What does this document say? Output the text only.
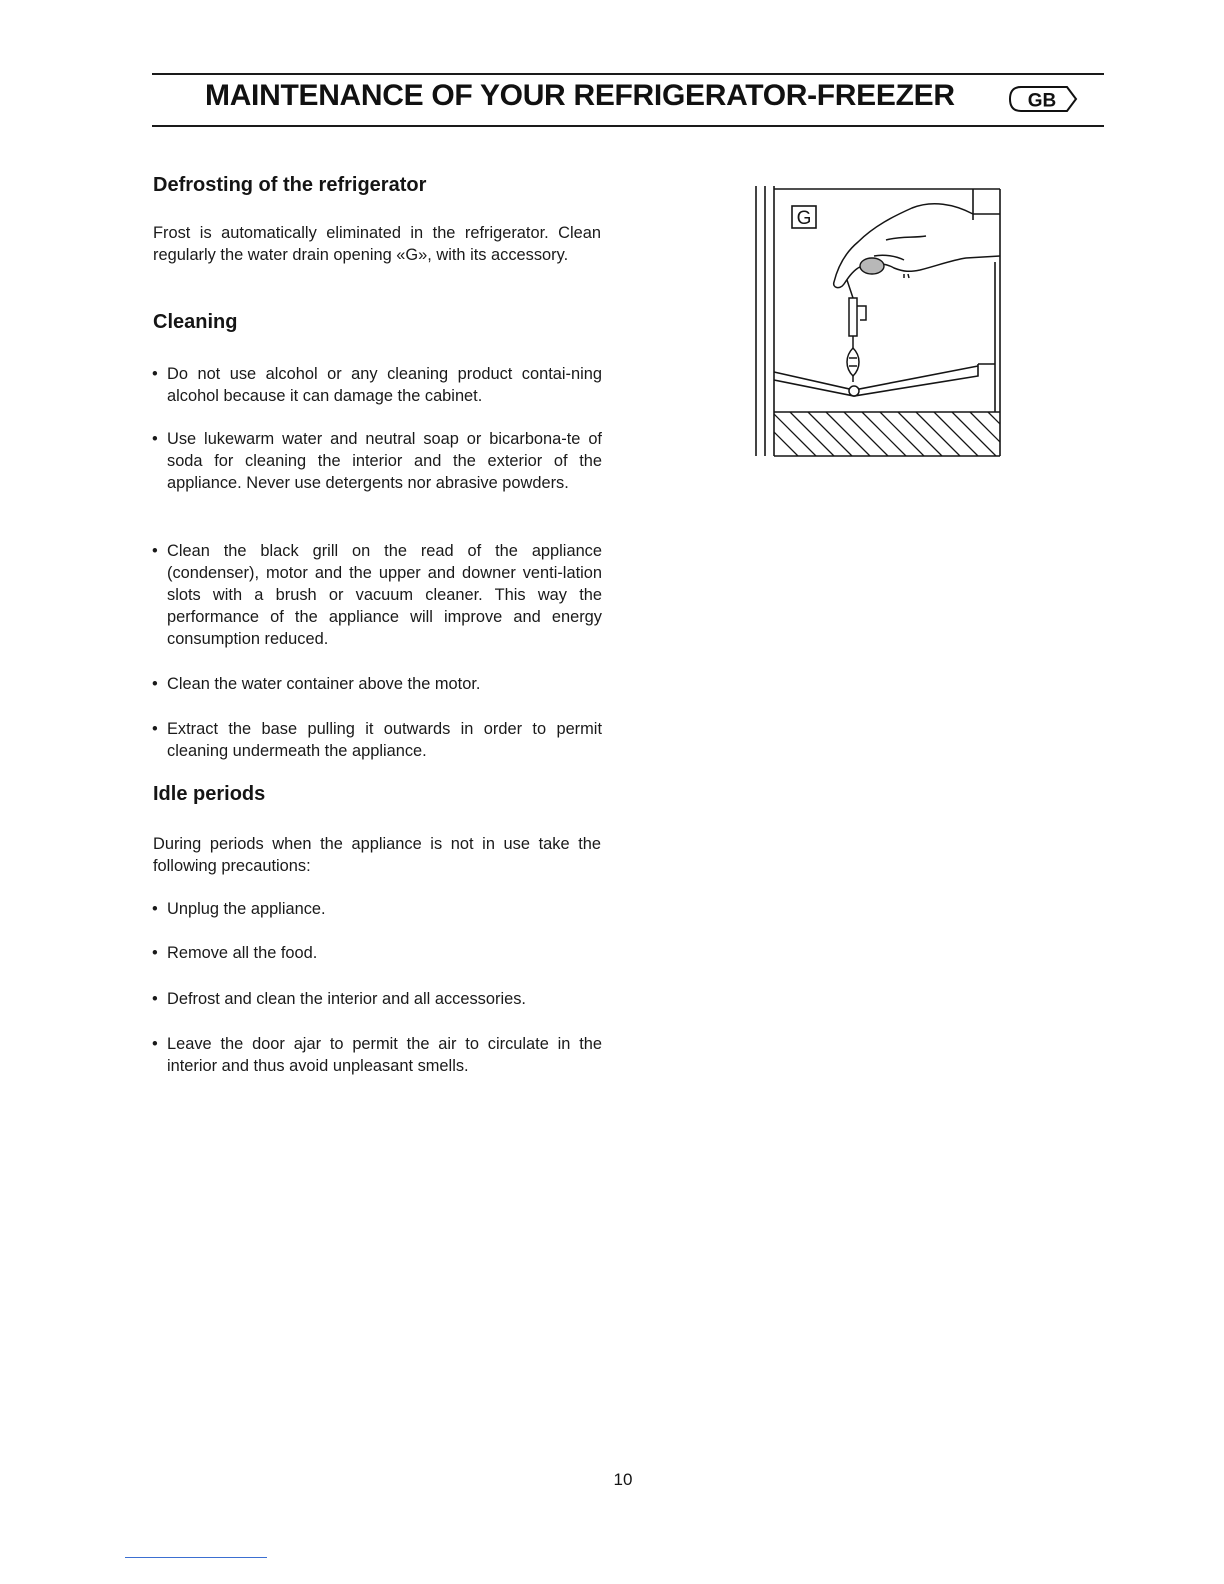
MAINTENANCE OF YOUR REFRIGERATOR-FREEZER	GB
Defrosting of the refrigerator

Frost is automatically eliminated in the refrigerator. Clean regularly the water drain opening «G», with its accessory.

Cleaning
• Do not use alcohol or any cleaning product contai-ning alcohol because it can damage the cabinet.
• Use lukewarm water and neutral soap or bicarbona-te of soda for cleaning the interior and the exterior of the appliance. Never use detergents nor abrasive powders.
• Clean the black grill on the read of the appliance (condenser), motor and the upper and downer venti-lation slots with a brush or vacuum cleaner. This way the performance of the appliance will improve and energy consumption reduced.
• Clean the water container above the motor.
• Extract the base pulling it outwards in order to permit cleaning undermeath the appliance.
Idle periods

During periods when the appliance is not in use take the following precautions:

• Unplug the appliance.
• Remove all the food.
• Defrost and clean the interior and all accessories.
• Leave the door ajar to permit the air to circulate in the interior and thus avoid unpleasant smells.
G
10
